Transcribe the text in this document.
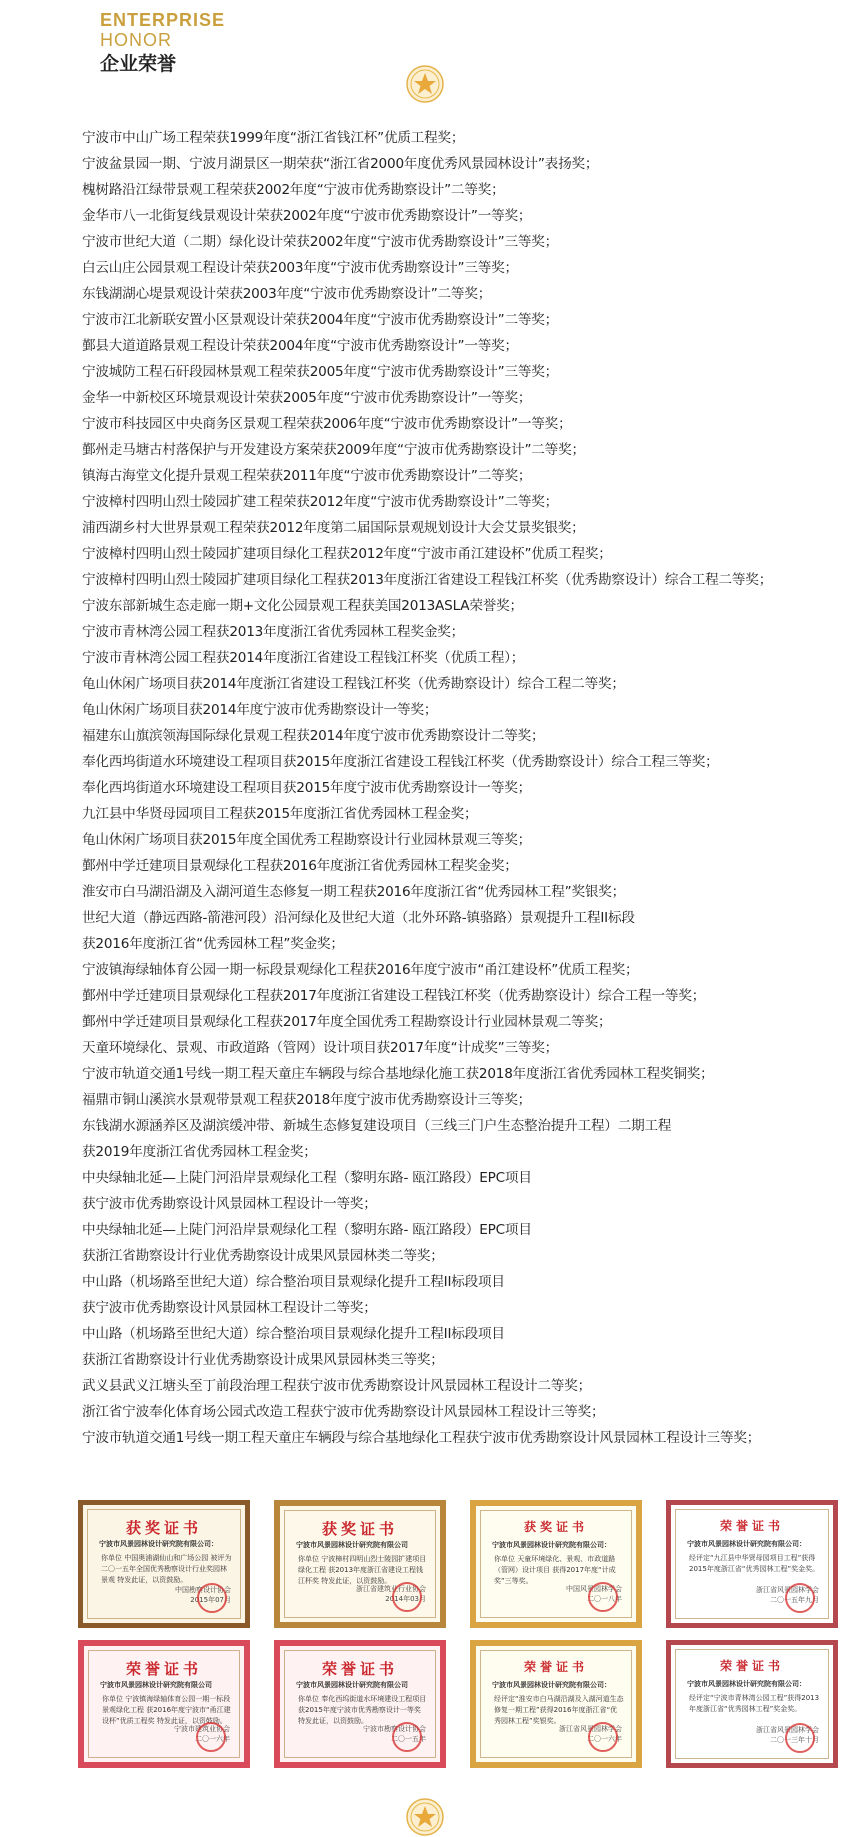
ENTERPRISE
HONOR
企业荣誉
宁波市中山广场工程荣获1999年度“浙江省钱江杯”优质工程奖；
宁波盆景园一期、宁波月湖景区一期荣获“浙江省2000年度优秀风景园林设计”表扬奖；
槐树路沿江绿带景观工程荣获2002年度“宁波市优秀勘察设计”二等奖；
金华市八一北街复线景观设计荣获2002年度“宁波市优秀勘察设计”一等奖；
宁波市世纪大道（二期）绿化设计荣获2002年度“宁波市优秀勘察设计”三等奖；
白云山庄公园景观工程设计荣获2003年度“宁波市优秀勘察设计”三等奖；
东钱湖湖心堤景观设计荣获2003年度“宁波市优秀勘察设计”二等奖；
宁波市江北新联安置小区景观设计荣获2004年度“宁波市优秀勘察设计”二等奖；
鄞县大道道路景观工程设计荣获2004年度“宁波市优秀勘察设计”一等奖；
宁波城防工程石矸段园林景观工程荣获2005年度“宁波市优秀勘察设计”三等奖；
金华一中新校区环境景观设计荣获2005年度“宁波市优秀勘察设计”一等奖；
宁波市科技园区中央商务区景观工程荣获2006年度“宁波市优秀勘察设计”一等奖；
鄞州走马塘古村落保护与开发建设方案荣获2009年度“宁波市优秀勘察设计”二等奖；
镇海古海堂文化提升景观工程荣获2011年度“宁波市优秀勘察设计”二等奖；
宁波樟村四明山烈士陵园扩建工程荣获2012年度“宁波市优秀勘察设计”二等奖；
浦西湖乡村大世界景观工程荣获2012年度第二届国际景观规划设计大会艾景奖银奖；
宁波樟村四明山烈士陵园扩建项目绿化工程获2012年度“宁波市甬江建设杯”优质工程奖；
宁波樟村四明山烈士陵园扩建项目绿化工程获2013年度浙江省建设工程钱江杯奖（优秀勘察设计）综合工程二等奖；
宁波东部新城生态走廊一期+文化公园景观工程获美国2013ASLA荣誉奖；
宁波市青林湾公园工程获2013年度浙江省优秀园林工程奖金奖；
宁波市青林湾公园工程获2014年度浙江省建设工程钱江杯奖（优质工程）；
龟山休闲广场项目获2014年度浙江省建设工程钱江杯奖（优秀勘察设计）综合工程二等奖；
龟山休闲广场项目获2014年度宁波市优秀勘察设计一等奖；
福建东山旗滨领海国际绿化景观工程获2014年度宁波市优秀勘察设计二等奖；
奉化西坞街道水环境建设工程项目获2015年度浙江省建设工程钱江杯奖（优秀勘察设计）综合工程三等奖；
奉化西坞街道水环境建设工程项目获2015年度宁波市优秀勘察设计一等奖；
九江县中华贤母园项目工程获2015年度浙江省优秀园林工程金奖；
龟山休闲广场项目获2015年度全国优秀工程勘察设计行业园林景观三等奖；
鄞州中学迁建项目景观绿化工程获2016年度浙江省优秀园林工程奖金奖；
淮安市白马湖沿湖及入湖河道生态修复一期工程获2016年度浙江省“优秀园林工程”奖银奖；
世纪大道（静远西路-箭港河段）沿河绿化及世纪大道（北外环路-镇骆路）景观提升工程II标段
获2016年度浙江省“优秀园林工程”奖金奖；
宁波镇海绿轴体育公园一期一标段景观绿化工程获2016年度宁波市“甬江建设杯”优质工程奖；
鄞州中学迁建项目景观绿化工程获2017年度浙江省建设工程钱江杯奖（优秀勘察设计）综合工程一等奖；
鄞州中学迁建项目景观绿化工程获2017年度全国优秀工程勘察设计行业园林景观二等奖；
天童环境绿化、景观、市政道路（管网）设计项目获2017年度“计成奖”三等奖；
宁波市轨道交通1号线一期工程天童庄车辆段与综合基地绿化施工获2018年度浙江省优秀园林工程奖铜奖；
福鼎市铜山溪滨水景观带景观工程获2018年度宁波市优秀勘察设计三等奖；
东钱湖水源涵养区及湖滨缓冲带、新城生态修复建设项目（三线三门户生态整治提升工程）二期工程
获2019年度浙江省优秀园林工程金奖；
中央绿轴北延—上陡门河沿岸景观绿化工程（黎明东路- 瓯江路段）EPC项目
获宁波市优秀勘察设计风景园林工程设计一等奖；
中央绿轴北延—上陡门河沿岸景观绿化工程（黎明东路- 瓯江路段）EPC项目
获浙江省勘察设计行业优秀勘察设计成果风景园林类二等奖；
中山路（机场路至世纪大道）综合整治项目景观绿化提升工程II标段项目
获宁波市优秀勘察设计风景园林工程设计二等奖；
中山路（机场路至世纪大道）综合整治项目景观绿化提升工程II标段项目
获浙江省勘察设计行业优秀勘察设计成果风景园林类三等奖；
武义县武义江塘头至丁前段治理工程获宁波市优秀勘察设计风景园林工程设计二等奖；
浙江省宁波奉化体育场公园式改造工程获宁波市优秀勘察设计风景园林工程设计三等奖；
宁波市轨道交通1号线一期工程天童庄车辆段与综合基地绿化工程获宁波市优秀勘察设计风景园林工程设计三等奖；
获奖证书
宁波市风景园林设计研究院有限公司：
你单位 中国奥浦湖仙山和广场公园 被评为二〇一五年全国优秀勘察设计行业奖园林景观 特发此证，以资鼓励。
中国勘察设计协会
2015年07月
获奖证书
宁波市风景园林设计研究院有限公司
你单位 宁波樟村四明山烈士陵园扩建项目绿化工程 获2013年度浙江省建设工程钱江杯奖 特发此证，以资鼓励。
浙江省建筑业行业协会
2014年03月
获奖证书
宁波市风景园林设计研究院有限公司：
你单位 天童环境绿化、景观、市政道路（管网）设计项目 获得2017年度“计成奖”三等奖。
中国风景园林学会
二〇一八年
荣誉证书
宁波市风景园林设计研究院有限公司：
经评定“九江县中华贤母园项目工程”获得2015年度浙江省“优秀园林工程”奖金奖。
浙江省风景园林学会
二〇一五年九月
荣誉证书
宁波市风景园林设计研究院有限公司
你单位 宁波镇海绿轴体育公园一期一标段景观绿化工程 获2016年度宁波市“甬江建设杯”优质工程奖 特发此证，以资鼓励。
宁波市建筑业协会
二〇一六年
荣誉证书
宁波市风景园林设计研究院有限公司
你单位 奉化西坞街道水环境建设工程项目 获2015年度宁波市优秀勘察设计一等奖 特发此证，以资鼓励。
宁波市勘察设计协会
二〇一五年
荣誉证书
宁波市风景园林设计研究院有限公司：
经评定“淮安市白马湖沿湖及入湖河道生态修复一期工程”获得2016年度浙江省“优秀园林工程”奖银奖。
浙江省风景园林学会
二〇一六年
荣誉证书
宁波市风景园林设计研究院有限公司：
经评定“宁波市青林湾公园工程”获得2013年度浙江省“优秀园林工程”奖金奖。
浙江省风景园林学会
二〇一三年十月
